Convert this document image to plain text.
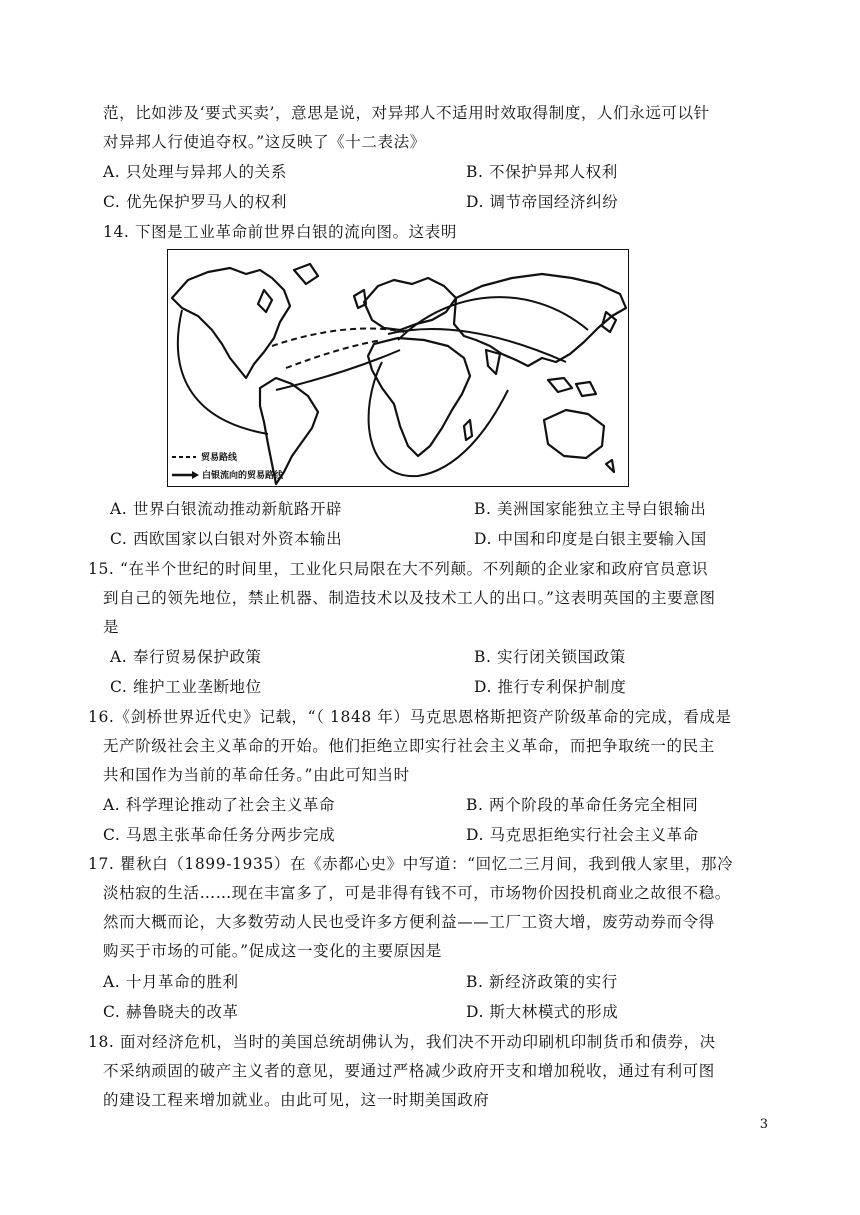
范，比如涉及‘要式买卖’，意思是说，对异邦人不适用时效取得制度，人们永远可以针
对异邦人行使追夺权。”这反映了《十二表法》
A. 只处理与异邦人的关系	B. 不保护异邦人权利
C. 优先保护罗马人的权利	D. 调节帝国经济纠纷
14. 下图是工业革命前世界白银的流向图。这表明
贸易路线
白银流向的贸易路线
A. 世界白银流动推动新航路开辟	B. 美洲国家能独立主导白银输出
C. 西欧国家以白银对外资本输出	D. 中国和印度是白银主要输入国
15. “在半个世纪的时间里，工业化只局限在大不列颠。不列颠的企业家和政府官员意识
到自己的领先地位，禁止机器、制造技术以及技术工人的出口。”这表明英国的主要意图
是
A. 奉行贸易保护政策	B. 实行闭关锁国政策
C. 维护工业垄断地位	D. 推行专利保护制度
16.《剑桥世界近代史》记载，“（ 1848 年）马克思恩格斯把资产阶级革命的完成，看成是
无产阶级社会主义革命的开始。他们拒绝立即实行社会主义革命，而把争取统一的民主
共和国作为当前的革命任务。”由此可知当时
A. 科学理论推动了社会主义革命	B. 两个阶段的革命任务完全相同
C. 马恩主张革命任务分两步完成	D. 马克思拒绝实行社会主义革命
17. 瞿秋白（1899-1935）在《赤都心史》中写道：“回忆二三月间，我到俄人家里，那冷
淡枯寂的生活……现在丰富多了，可是非得有钱不可，市场物价因投机商业之故很不稳。
然而大概而论，大多数劳动人民也受许多方便利益——工厂工资大增，废劳动券而令得
购买于市场的可能。”促成这一变化的主要原因是
A. 十月革命的胜利	B. 新经济政策的实行
C. 赫鲁晓夫的改革	D. 斯大林模式的形成
18. 面对经济危机，当时的美国总统胡佛认为，我们决不开动印刷机印制货币和债券，决
不采纳顽固的破产主义者的意见，要通过严格减少政府开支和增加税收，通过有利可图
的建设工程来增加就业。由此可见，这一时期美国政府
3
